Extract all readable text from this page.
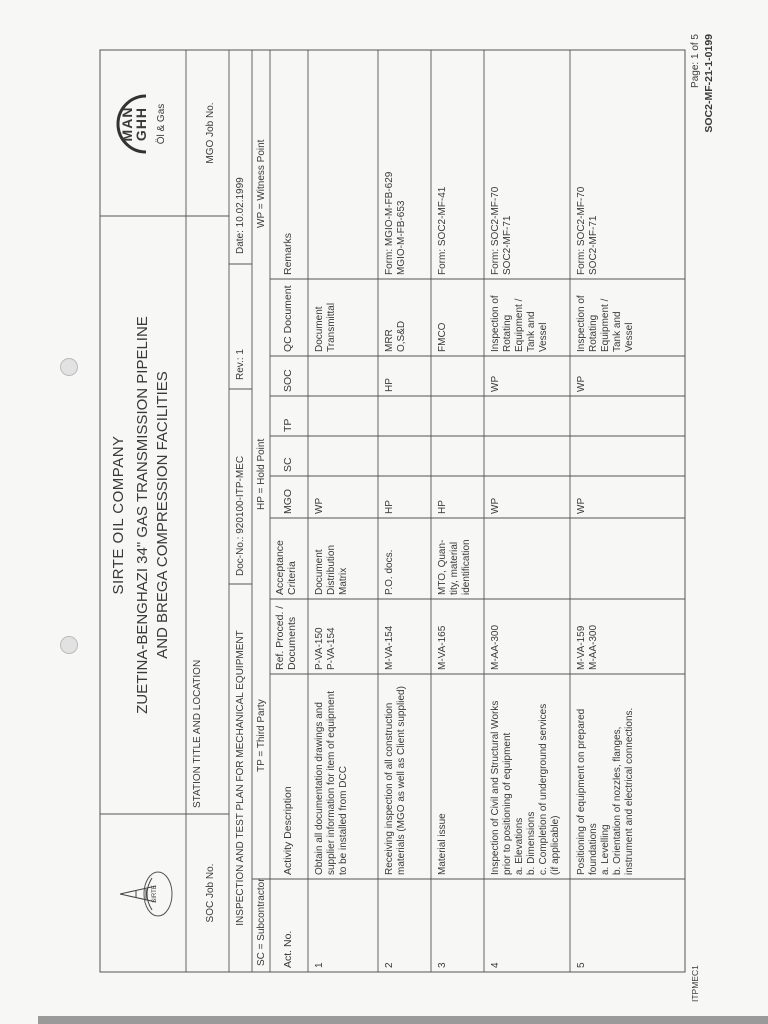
SIRTE
SIRTE OIL COMPANY ZUETINA-BENGHAZI 34" GAS TRANSMISSION PIPELINE AND BREGA COMPRESSION FACILITIES
MAN
GHH Öl & Gas

SOC Job No.

STATION TITLE AND LOCATION

MGO Job No.

INSPECTION AND TEST PLAN FOR MECHANICAL EQUIPMENT
Doc-No.: 920100-ITP-MEC
Rev.: 1
Date: 10.02.1999
SC = Subcontractor
TP = Third Party
HP = Hold Point
WP = Witness Point
Act. No.
Activity Description
Ref. Proced. / Documents
Acceptance Criteria
MGO
SC
TP
SOC
QC Document
Remarks
1
Obtain all documentation drawings and
supplier information for item of equipment
to be installed from DCC
P-VA-150
P-VA-154
Document
Distribution
Matrix
WP
Document
Transmittal
2
Receiving inspection of all construction
materials (MGO as well as Client supplied)
M-VA-154
P.O. docs.
HP
HP
MRR
O,S&D
Form: MGIO-M-FB-629
MGIO-M-FB-653
3
Material issue
M-VA-165
MTO, Quan-
tity, material
identification
HP
FMCO
Form: SOC2-MF-41
4
Inspection of Civil and Structural Works
prior to positioning of equipment
a. Elevations
b. Dimensions
c. Completion of underground services
(if applicable)
M-AA-300
WP
WP
Inspection of
Rotating
Equipment /
Tank and
Vessel
Form: SOC2-MF-70
SOC2-MF-71
5
Positioning of equipment on prepared
foundations
a. Levelling
b. Orientation of nozzles, flanges,
instrument and electrical connections.
M-VA-159
M-AA-300
WP
WP
Inspection of
Rotating
Equipment /
Tank and
Vessel
Form: SOC2-MF-70
SOC2-MF-71
Page: 1 of 5 SOC2-MF-21-1-0199
ITPMEC1
